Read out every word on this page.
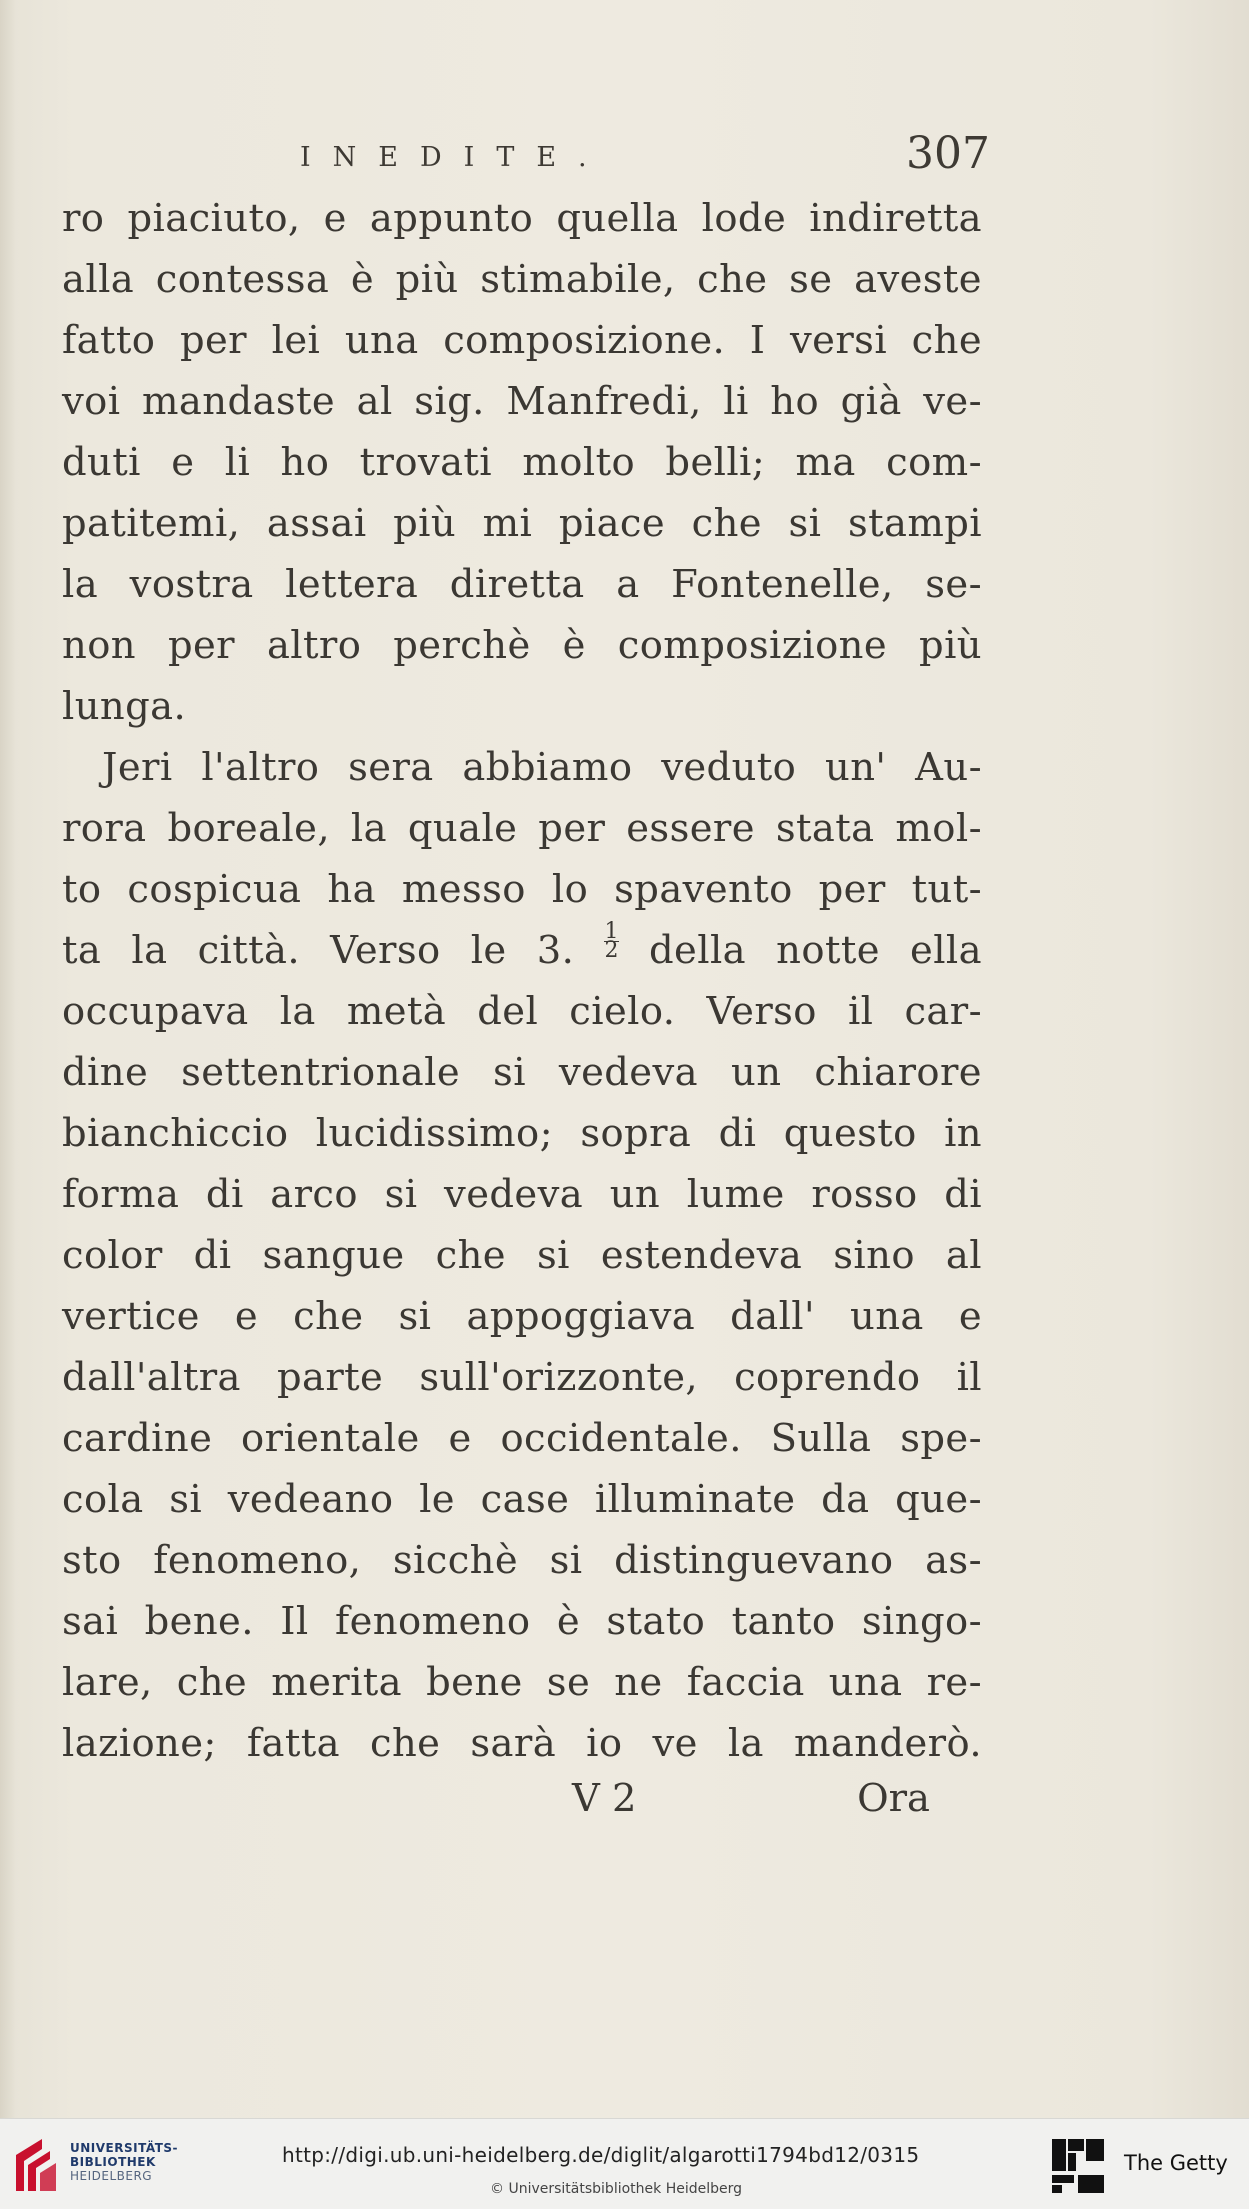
INEDITE.	307
ro piaciuto, e appunto quella lode indiretta
alla contessa è più stimabile, che se aveste
fatto per lei una composizione. I versi che
voi mandaste al sig. Manfredi, li ho già ve-
duti e li ho trovati molto belli; ma com-
patitemi, assai più mi piace che si stampi
la vostra lettera diretta a Fontenelle, se-
non per altro perchè è composizione più
lunga.
Jeri l'altro sera abbiamo veduto un' Au-
rora boreale, la quale per essere stata mol-
to cospicua ha messo lo spavento per tut-
ta la città. Verso le 3. $\frac{1}{2}$ della notte ella
occupava la metà del cielo. Verso il car-
dine settentrionale si vedeva un chiarore
bianchiccio lucidissimo; sopra di questo in
forma di arco si vedeva un lume rosso di
color di sangue che si estendeva sino al
vertice e che si appoggiava dall' una e
dall'altra parte sull'orizzonte, coprendo il
cardine orientale e occidentale. Sulla spe-
cola si vedeano le case illuminate da que-
sto fenomeno, sicchè si distinguevano as-
sai bene. Il fenomeno è stato tanto singo-
lare, che merita bene se ne faccia una re-
lazione; fatta che sarà io ve la manderò.
V 2	Ora
UNIVERSITÄTS-
BIBLIOTHEK
HEIDELBERG
http://digi.ub.uni-heidelberg.de/diglit/algarotti1794bd12/0315
© Universitätsbibliothek Heidelberg
The Getty
